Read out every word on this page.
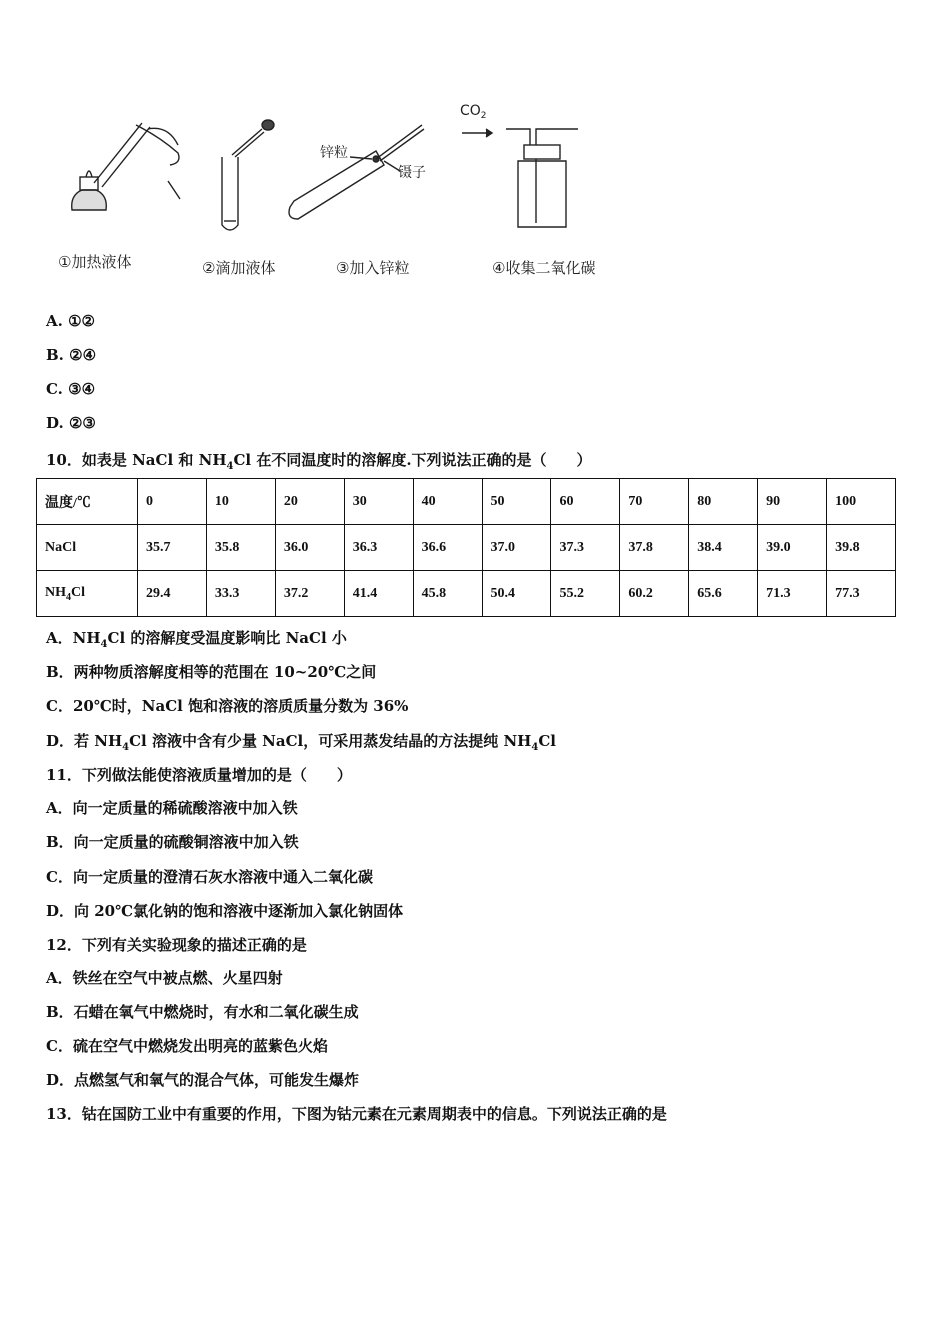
①加热液体	②滴加液体
锌粒
镊子
③加入锌粒
$CO_2$
④收集二氧化碳
A. ①②
B. ②④
C. ③④
D. ②③
10．如表是 NaCl 和 $NH_4Cl$ 在不同温度时的溶解度.下列说法正确的是（　　）
温度/℃	0	10	20	30	40	50	60	70	80	90	100
NaCl	35.7	35.8	36.0	36.3	36.6	37.0	37.3	37.8	38.4	39.0	39.8
$NH_4Cl$	29.4	33.3	37.2	41.4	45.8	50.4	55.2	60.2	65.6	71.3	77.3
A．$NH_4Cl$ 的溶解度受温度影响比 NaCl 小
B．两种物质溶解度相等的范围在 10~20℃之间
C．20℃时，NaCl 饱和溶液的溶质质量分数为 36%
D．若 $NH_4Cl$ 溶液中含有少量 NaCl，可采用蒸发结晶的方法提纯 $NH_4Cl$
11．下列做法能使溶液质量增加的是（　　）
A．向一定质量的稀硫酸溶液中加入铁
B．向一定质量的硫酸铜溶液中加入铁
C．向一定质量的澄清石灰水溶液中通入二氧化碳
D．向 20℃氯化钠的饱和溶液中逐渐加入氯化钠固体
12．下列有关实验现象的描述正确的是
A．铁丝在空气中被点燃、火星四射
B．石蜡在氧气中燃烧时，有水和二氧化碳生成
C．硫在空气中燃烧发出明亮的蓝紫色火焰
D．点燃氢气和氧气的混合气体，可能发生爆炸
13．钴在国防工业中有重要的作用，下图为钴元素在元素周期表中的信息。下列说法正确的是
